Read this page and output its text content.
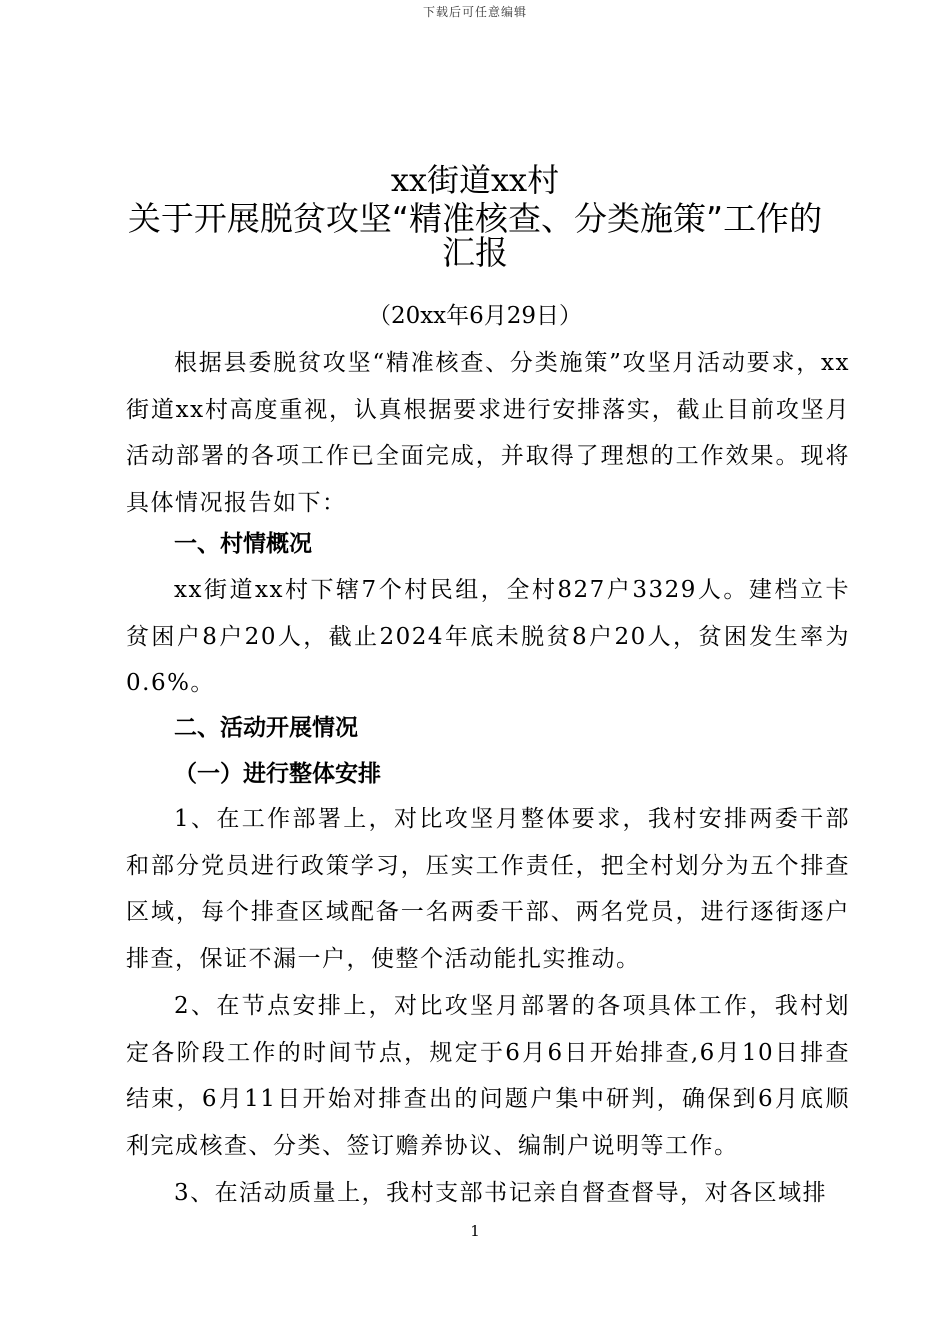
下载后可任意编辑
xx街道xx村
关于开展脱贫攻坚“精准核查、分类施策”工作的汇报
（20xx年6月29日）

根据县委脱贫攻坚“精准核查、分类施策”攻坚月活动要求，xx街道xx村高度重视，认真根据要求进行安排落实，截止目前攻坚月活动部署的各项工作已全面完成，并取得了理想的工作效果。现将具体情况报告如下：

一、村情概况

xx街道xx村下辖7个村民组，全村827户3329人。建档立卡贫困户8户20人，截止2024年底未脱贫8户20人，贫困发生率为0.6%。

二、活动开展情况
（一）进行整体安排

1、在工作部署上，对比攻坚月整体要求，我村安排两委干部和部分党员进行政策学习，压实工作责任，把全村划分为五个排查区域，每个排查区域配备一名两委干部、两名党员，进行逐街逐户排查，保证不漏一户，使整个活动能扎实推动。

2、在节点安排上，对比攻坚月部署的各项具体工作，我村划定各阶段工作的时间节点，规定于6月6日开始排查,6月10日排查结束，6月11日开始对排查出的问题户集中研判，确保到6月底顺利完成核查、分类、签订赡养协议、编制户说明等工作。

3、在活动质量上，我村支部书记亲自督查督导，对各区域排

1
